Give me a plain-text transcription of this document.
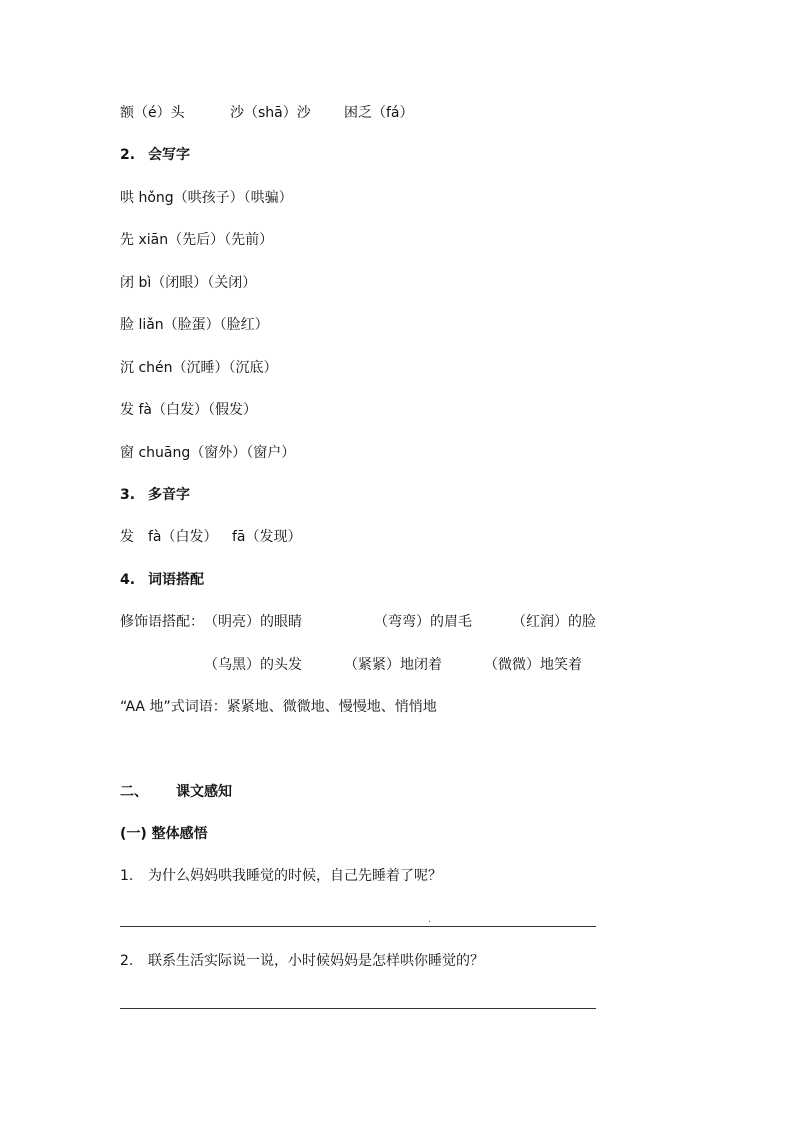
额（é）头	沙（shā）沙 困乏（fá）
2. 会写字
哄 hǒng（哄孩子）（哄骗）
先 xiān（先后）（先前）
闭 bì（闭眼）（关闭）
脸 liǎn（脸蛋）（脸红）
沉 chén（沉睡）（沉底）
发 fà（白发）（假发）
窗 chuāng（窗外）（窗户）
3. 多音字
发 fà（白发） fā（发现）
4. 词语搭配
修饰语搭配： （明亮）的眼睛	（弯弯）的眉毛	（红润）的脸
（乌黑）的头发	（紧紧）地闭着	（微微）地笑着
“AA 地”式词语：紧紧地、微微地、慢慢地、悄悄地
二、 课文感知
(一) 整体感悟
1. 为什么妈妈哄我睡觉的时候，自己先睡着了呢？
·
2. 联系生活实际说一说，小时候妈妈是怎样哄你睡觉的？
